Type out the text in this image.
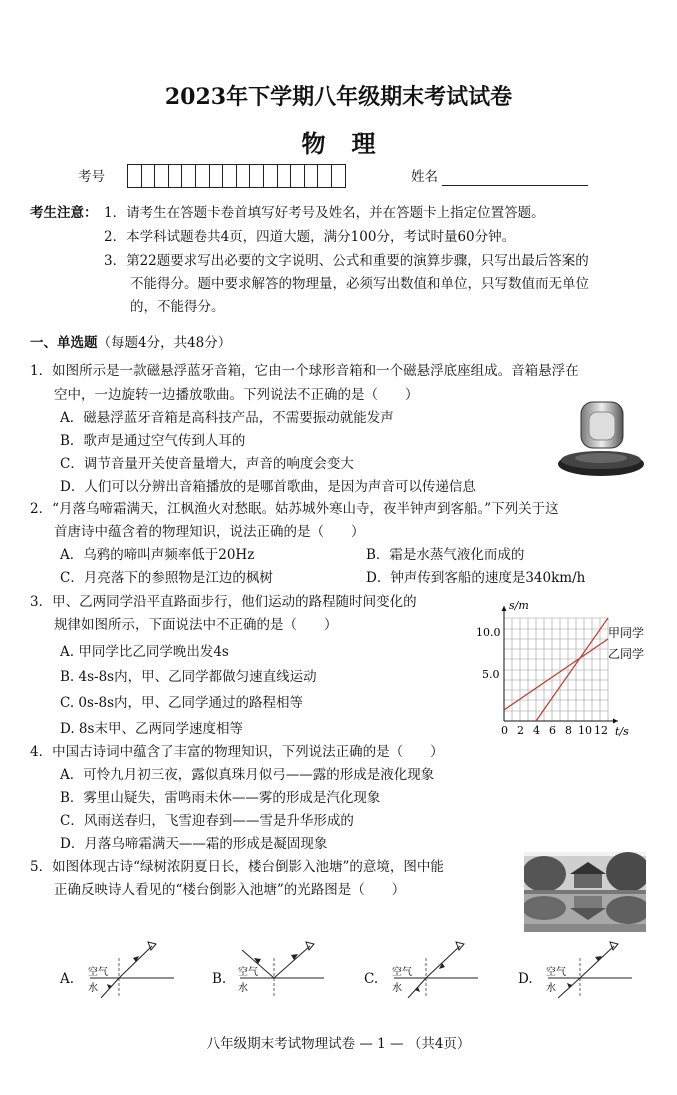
2023年下学期八年级期末考试试卷
物理
考号	姓名
考生注意： 1．请考生在答题卡卷首填写好考号及姓名，并在答题卡上指定位置答题。
2．本学科试题卷共4页，四道大题，满分100分，考试时量60分钟。
3．第22题要求写出必要的文字说明、公式和重要的演算步骤，只写出最后答案的
不能得分。题中要求解答的物理量，必须写出数值和单位，只写数值而无单位
的，不能得分。
一、单选题（每题4分，共48分）
1．如图所示是一款磁悬浮蓝牙音箱，它由一个球形音箱和一个磁悬浮底座组成。音箱悬浮在
空中，一边旋转一边播放歌曲。下列说法不正确的是（　　）
A．磁悬浮蓝牙音箱是高科技产品，不需要振动就能发声
B．歌声是通过空气传到人耳的
C．调节音量开关使音量增大，声音的响度会变大
D．人们可以分辨出音箱播放的是哪首歌曲，是因为声音可以传递信息
2．“月落乌啼霜满天，江枫渔火对愁眠。姑苏城外寒山寺，夜半钟声到客船。”下列关于这
首唐诗中蕴含着的物理知识，说法正确的是（　　）
A．乌鸦的啼叫声频率低于20Hz	B．霜是水蒸气液化而成的
C．月亮落下的参照物是江边的枫树	D．钟声传到客船的速度是340km/h
3．甲、乙两同学沿平直路面步行，他们运动的路程随时间变化的
规律如图所示，下面说法中不正确的是（　　）
A. 甲同学比乙同学晚出发4s
B. 4s-8s内，甲、乙同学都做匀速直线运动
C. 0s-8s内，甲、乙同学通过的路程相等
D. 8s末甲、乙两同学速度相等
s/m
t/s
10.0
5.0
0 2 4 6 8 10 12
甲同学
乙同学
4．中国古诗词中蕴含了丰富的物理知识，下列说法正确的是（　　）
A．可怜九月初三夜，露似真珠月似弓——露的形成是液化现象
B．雾里山疑失，雷鸣雨未休——雾的形成是汽化现象
C．风雨送春归，飞雪迎春到——雪是升华形成的
D．月落乌啼霜满天——霜的形成是凝固现象
5．如图体现古诗“绿树浓阴夏日长，楼台倒影入池塘”的意境，图中能
正确反映诗人看见的“楼台倒影入池塘”的光路图是（　　）
A. 空气
水
B. 空气
水
C. 空气
水
D. 空气
水
八年级期末考试物理试卷 — 1 — （共4页）
